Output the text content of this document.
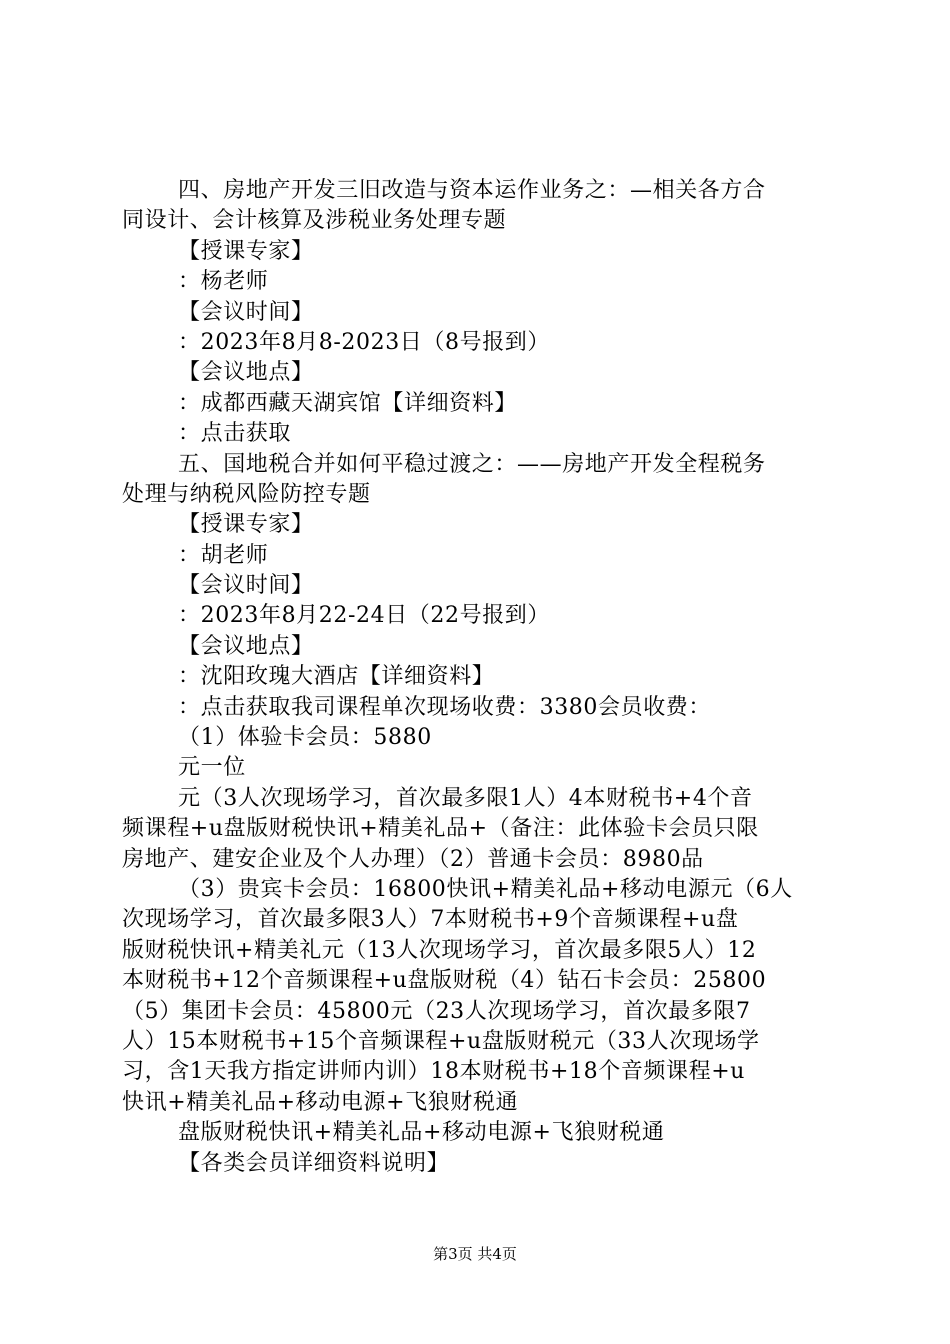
四、房地产开发三旧改造与资本运作业务之：—相关各方合
同设计、会计核算及涉税业务处理专题
【授课专家】
：杨老师
【会议时间】
：2023年8月8-2023日（8号报到）
【会议地点】
：成都西藏天湖宾馆【详细资料】
：点击获取
五、国地税合并如何平稳过渡之：——房地产开发全程税务
处理与纳税风险防控专题
【授课专家】
：胡老师
【会议时间】
：2023年8月22-24日（22号报到）
【会议地点】
：沈阳玫瑰大酒店【详细资料】
：点击获取我司课程单次现场收费：3380会员收费：
（1）体验卡会员：5880
元一位
元（3人次现场学习，首次最多限1人）4本财税书+4个音
频课程+u盘版财税快讯+精美礼品+（备注：此体验卡会员只限
房地产、建安企业及个人办理）（2）普通卡会员：8980品
（3）贵宾卡会员：16800快讯+精美礼品+移动电源元（6人
次现场学习，首次最多限3人）7本财税书+9个音频课程+u盘
版财税快讯+精美礼元（13人次现场学习，首次最多限5人）12
本财税书+12个音频课程+u盘版财税（4）钻石卡会员：25800
（5）集团卡会员：45800元（23人次现场学习，首次最多限7
人）15本财税书+15个音频课程+u盘版财税元（33人次现场学
习，含1天我方指定讲师内训）18本财税书+18个音频课程+u
快讯+精美礼品+移动电源+飞狼财税通
盘版财税快讯+精美礼品+移动电源+飞狼财税通
【各类会员详细资料说明】
第3页 共4页
